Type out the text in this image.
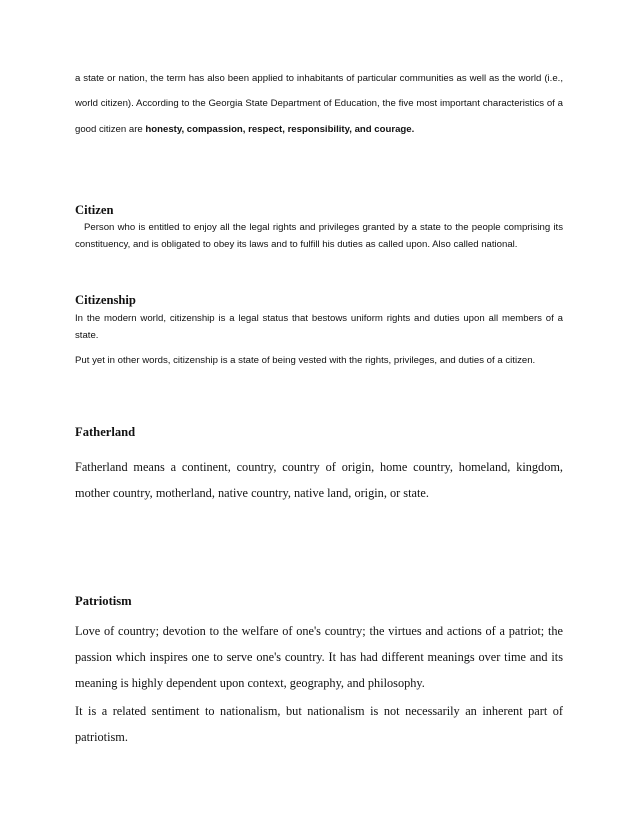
a state or nation, the term has also been applied to inhabitants of particular communities as well as the world (i.e., world citizen). According to the Georgia State Department of Education, the five most important characteristics of a good citizen are honesty, compassion, respect, responsibility, and courage.

Citizen

Person who is entitled to enjoy all the legal rights and privileges granted by a state to the people comprising its constituency, and is obligated to obey its laws and to fulfill his duties as called upon. Also called national.

Citizenship

In the modern world, citizenship is a legal status that bestows uniform rights and duties upon all members of a state.

Put yet in other words, citizenship is a state of being vested with the rights, privileges, and duties of a citizen.

Fatherland

Fatherland means a continent, country, country of origin, home country, homeland, kingdom, mother country, motherland, native country, native land, origin, or state.

Patriotism

Love of country; devotion to the welfare of one's country; the virtues and actions of a patriot; the passion which inspires one to serve one's country. It has had different meanings over time and its meaning is highly dependent upon context, geography, and philosophy.

It is a related sentiment to nationalism, but nationalism is not necessarily an inherent part of patriotism.
